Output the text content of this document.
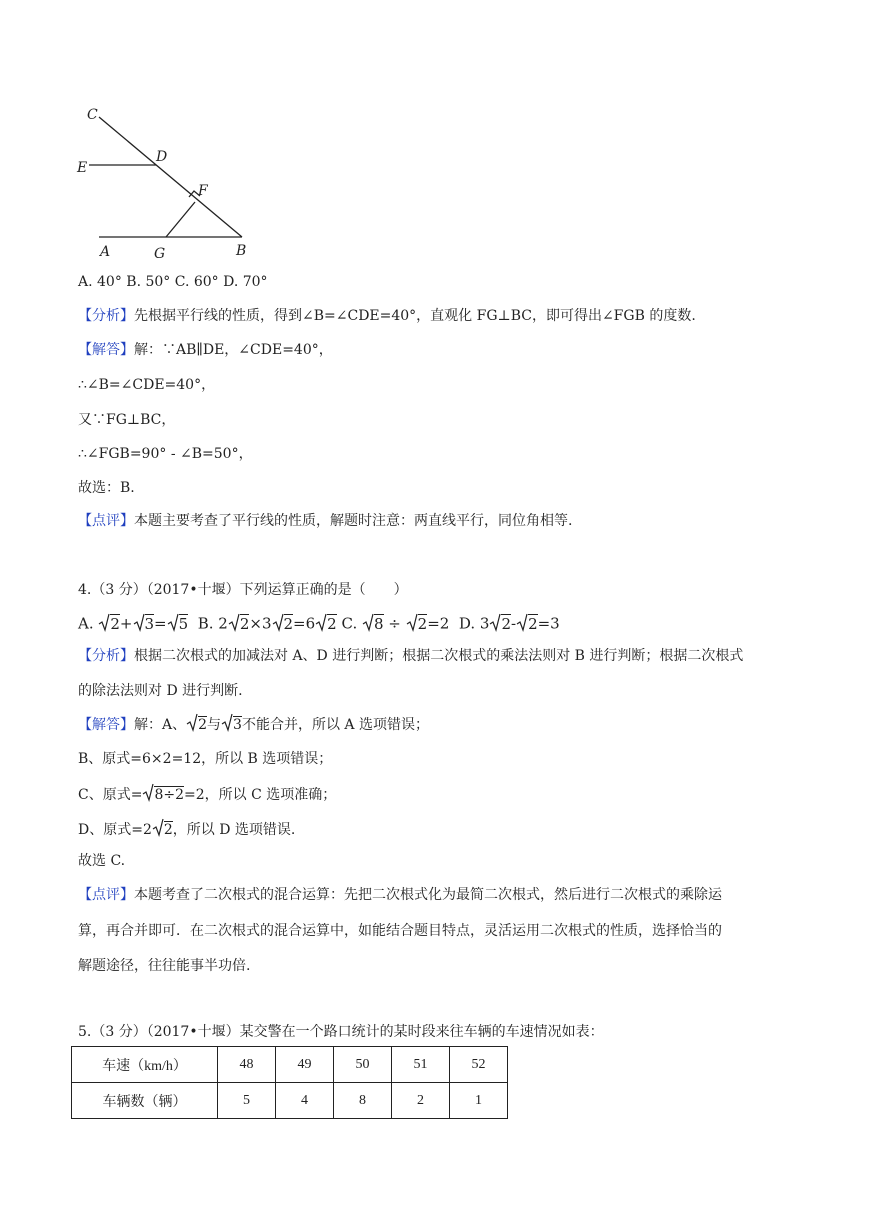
C
E
D
F
A	G	B
A. 40° B. 50° C. 60° D. 70°
【分析】先根据平行线的性质，得到∠B=∠CDE=40°，直观化 FG⊥BC，即可得出∠FGB 的度数.
【解答】解：∵AB∥DE，∠CDE=40°，
∴∠B=∠CDE=40°，
又∵FG⊥BC，
∴∠FGB=90° - ∠B=50°，
故选：B.
【点评】本题主要考查了平行线的性质，解题时注意：两直线平行，同位角相等.
4.（3 分）（2017•十堰）下列运算正确的是（　　）
A. 2+ 3= 5 B. 2 2×3 2=6 2 C. 8 ÷ 2=2 D. 3 2- 2=3
【分析】根据二次根式的加减法对 A、D 进行判断；根据二次根式的乘法法则对 B 进行判断；根据二次根式
的除法法则对 D 进行判断.
【解答】解：A、 2与 3不能合并，所以 A 选项错误；
B、原式=6×2=12，所以 B 选项错误；
C、原式= 8÷2=2，所以 C 选项准确；
D、原式=2 2，所以 D 选项错误.
故选 C.
【点评】本题考查了二次根式的混合运算：先把二次根式化为最简二次根式，然后进行二次根式的乘除运
算，再合并即可．在二次根式的混合运算中，如能结合题目特点，灵活运用二次根式的性质，选择恰当的
解题途径，往往能事半功倍.
5.（3 分）（2017•十堰）某交警在一个路口统计的某时段来往车辆的车速情况如表：
车速（km/h）	48	49	50	51	52
车辆数（辆）	5	4	8	2	1
